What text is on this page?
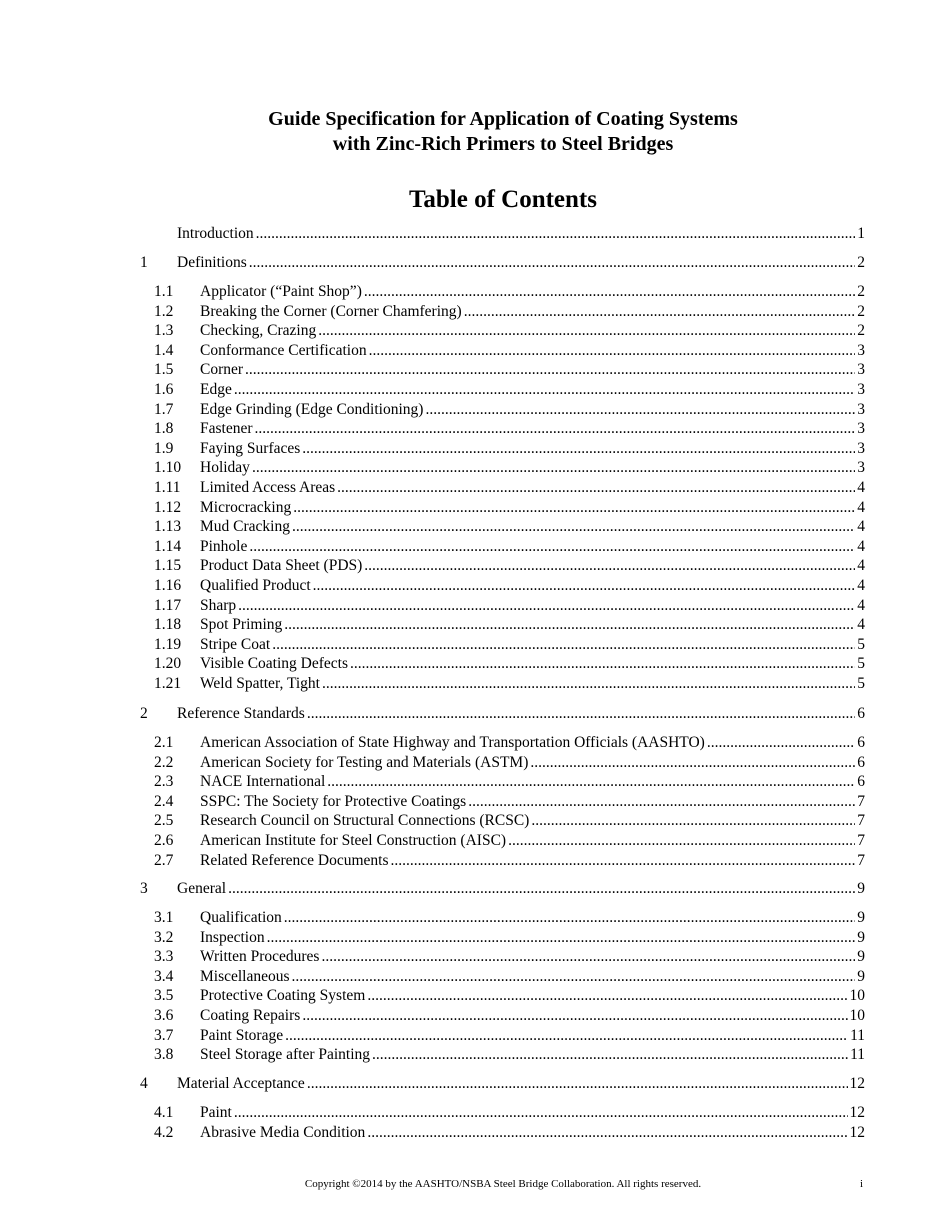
Guide Specification for Application of Coating Systems
with Zinc-Rich Primers to Steel Bridges
Table of Contents
Introduction .....	1
1	Definitions .....	2
1.1	Applicator (“Paint Shop”) .....	2
1.2	Breaking the Corner (Corner Chamfering) .....	2
1.3	Checking, Crazing .....	2
1.4	Conformance Certification .....	3
1.5	Corner .....	3
1.6	Edge .....	3
1.7	Edge Grinding (Edge Conditioning) .....	3
1.8	Fastener .....	3
1.9	Faying Surfaces .....	3
1.10	Holiday .....	3
1.11	Limited Access Areas .....	4
1.12	Microcracking .....	4
1.13	Mud Cracking .....	4
1.14	Pinhole .....	4
1.15	Product Data Sheet (PDS) .....	4
1.16	Qualified Product .....	4
1.17	Sharp .....	4
1.18	Spot Priming .....	4
1.19	Stripe Coat .....	5
1.20	Visible Coating Defects .....	5
1.21	Weld Spatter, Tight .....	5
2	Reference Standards .....	6
2.1	American Association of State Highway and Transportation Officials (AASHTO) .....	6
2.2	American Society for Testing and Materials (ASTM) .....	6
2.3	NACE International .....	6
2.4	SSPC: The Society for Protective Coatings .....	7
2.5	Research Council on Structural Connections (RCSC) .....	7
2.6	American Institute for Steel Construction (AISC) .....	7
2.7	Related Reference Documents .....	7
3	General .....	9
3.1	Qualification .....	9
3.2	Inspection .....	9
3.3	Written Procedures .....	9
3.4	Miscellaneous .....	9
3.5	Protective Coating System .....	10
3.6	Coating Repairs .....	10
3.7	Paint Storage .....	11
3.8	Steel Storage after Painting .....	11
4	Material Acceptance .....	12
4.1	Paint .....	12
4.2	Abrasive Media Condition .....	12
Copyright ©2014 by the AASHTO/NSBA Steel Bridge Collaboration. All rights reserved.	i
